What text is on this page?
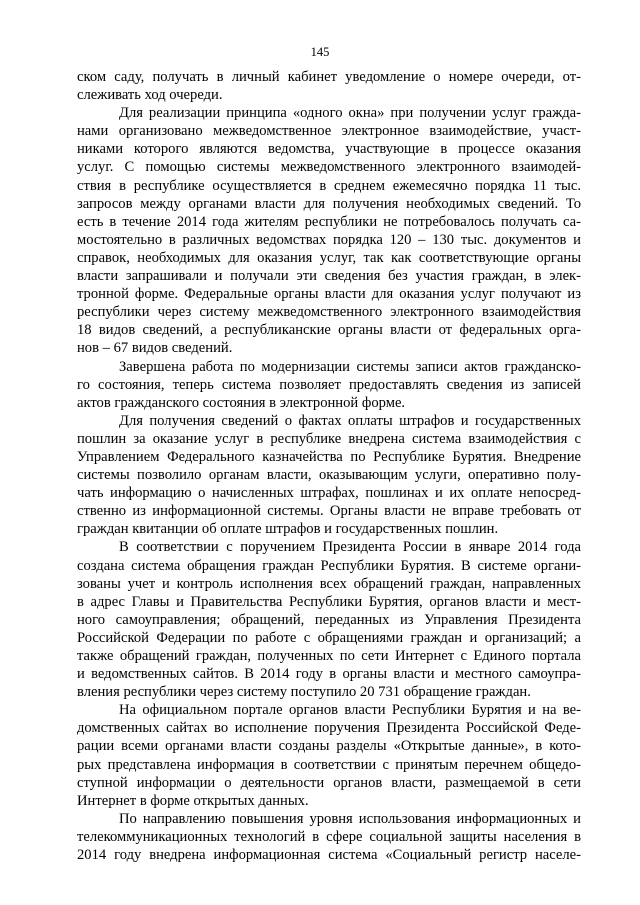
145
ском саду, получать в личный кабинет уведомление о номере очереди, от-
слеживать ход очереди.
Для реализации принципа «одного окна» при получении услуг гражда-
нами организовано межведомственное электронное взаимодействие, участ-
никами которого являются ведомства, участвующие в процессе оказания
услуг. С помощью системы межведомственного электронного взаимодей-
ствия в республике осуществляется в среднем ежемесячно порядка 11 тыс.
запросов между органами власти для получения необходимых сведений. То
есть в течение 2014 года жителям республики не потребовалось получать са-
мостоятельно в различных ведомствах порядка 120 – 130 тыс. документов и
справок, необходимых для оказания услуг, так как соответствующие органы
власти запрашивали и получали эти сведения без участия граждан, в элек-
тронной форме. Федеральные органы власти для оказания услуг получают из
республики через систему межведомственного электронного взаимодействия
18 видов сведений, а республиканские органы власти от федеральных орга-
нов – 67 видов сведений.
Завершена работа по модернизации системы записи актов гражданско-
го состояния, теперь система позволяет предоставлять сведения из записей
актов гражданского состояния в электронной форме.
Для получения сведений о фактах оплаты штрафов и государственных
пошлин за оказание услуг в республике внедрена система взаимодействия с
Управлением Федерального казначейства по Республике Бурятия. Внедрение
системы позволило органам власти, оказывающим услуги, оперативно полу-
чать информацию о начисленных штрафах, пошлинах и их оплате непосред-
ственно из информационной системы. Органы власти не вправе требовать от
граждан квитанции об оплате штрафов и государственных пошлин.
В соответствии с поручением Президента России в январе 2014 года
создана система обращения граждан Республики Бурятия. В системе органи-
зованы учет и контроль исполнения всех обращений граждан, направленных
в адрес Главы и Правительства Республики Бурятия, органов власти и мест-
ного самоуправления; обращений, переданных из Управления Президента
Российской Федерации по работе с обращениями граждан и организаций; а
также обращений граждан, полученных по сети Интернет с Единого портала
и ведомственных сайтов. В 2014 году в органы власти и местного самоупра-
вления республики через систему поступило 20 731 обращение граждан.
На официальном портале органов власти Республики Бурятия и на ве-
домственных сайтах во исполнение поручения Президента Российской Феде-
рации всеми органами власти созданы разделы «Открытые данные», в кото-
рых представлена информация в соответствии с принятым перечнем общедо-
ступной информации о деятельности органов власти, размещаемой в сети
Интернет в форме открытых данных.
По направлению повышения уровня использования информационных и
телекоммуникационных технологий в сфере социальной защиты населения в
2014 году внедрена информационная система «Социальный регистр населе-
